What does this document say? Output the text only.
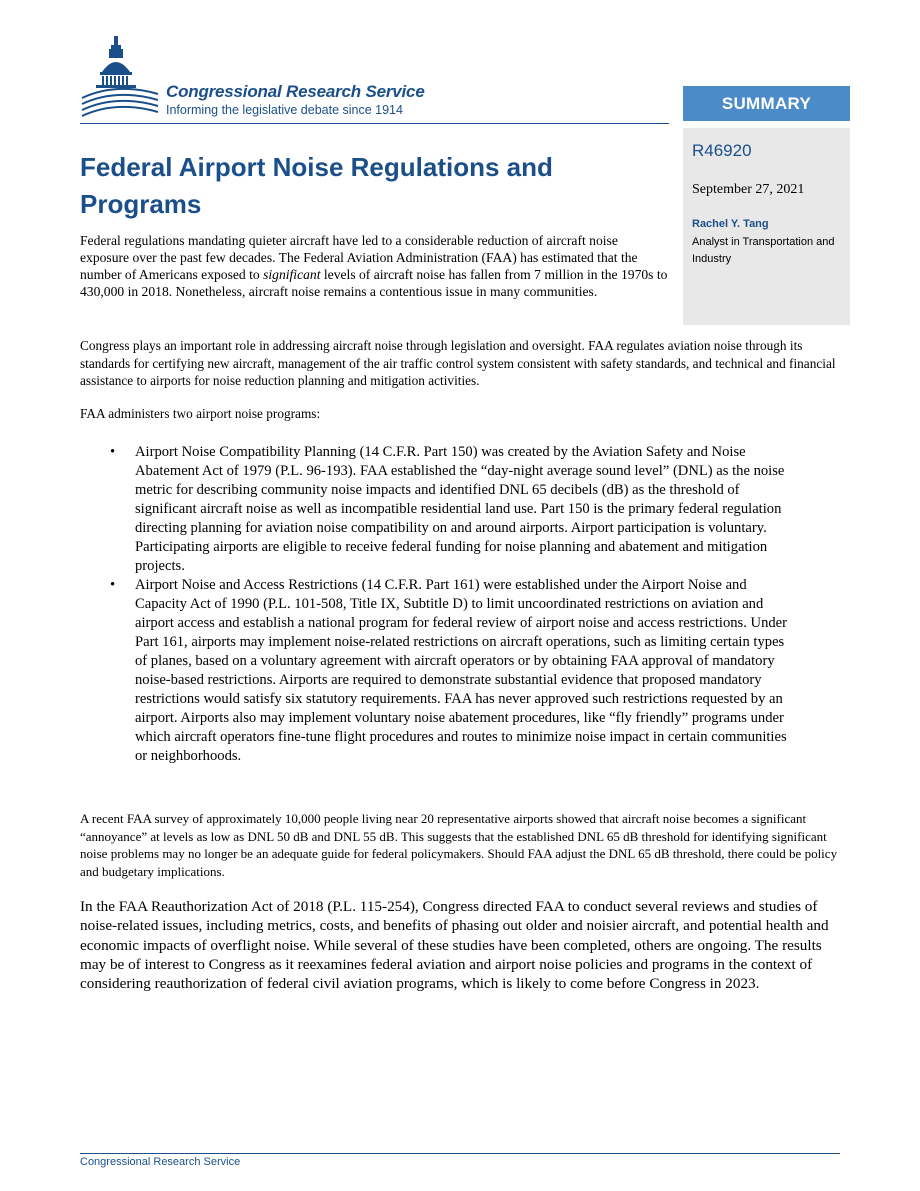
Congressional Research Service
Informing the legislative debate since 1914	SUMMARY
R46920
September 27, 2021
Rachel Y. Tang
Analyst in Transportation and Industry
Federal Airport Noise Regulations and Programs
Federal regulations mandating quieter aircraft have led to a considerable reduction of aircraft noise exposure over the past few decades. The Federal Aviation Administration (FAA) has estimated that the number of Americans exposed to significant levels of aircraft noise has fallen from 7 million in the 1970s to 430,000 in 2018. Nonetheless, aircraft noise remains a contentious issue in many communities.
Congress plays an important role in addressing aircraft noise through legislation and oversight. FAA regulates aviation noise through its standards for certifying new aircraft, management of the air traffic control system consistent with safety standards, and technical and financial assistance to airports for noise reduction planning and mitigation activities.
FAA administers two airport noise programs:
• Airport Noise Compatibility Planning (14 C.F.R. Part 150) was created by the Aviation Safety and Noise Abatement Act of 1979 (P.L. 96-193). FAA established the “day-night average sound level” (DNL) as the noise metric for describing community noise impacts and identified DNL 65 decibels (dB) as the threshold of significant aircraft noise as well as incompatible residential land use. Part 150 is the primary federal regulation directing planning for aviation noise compatibility on and around airports. Airport participation is voluntary. Participating airports are eligible to receive federal funding for noise planning and abatement and mitigation projects.
• Airport Noise and Access Restrictions (14 C.F.R. Part 161) were established under the Airport Noise and Capacity Act of 1990 (P.L. 101-508, Title IX, Subtitle D) to limit uncoordinated restrictions on aviation and airport access and establish a national program for federal review of airport noise and access restrictions. Under Part 161, airports may implement noise-related restrictions on aircraft operations, such as limiting certain types of planes, based on a voluntary agreement with aircraft operators or by obtaining FAA approval of mandatory noise-based restrictions. Airports are required to demonstrate substantial evidence that proposed mandatory restrictions would satisfy six statutory requirements. FAA has never approved such restrictions requested by an airport. Airports also may implement voluntary noise abatement procedures, like “fly friendly” programs under which aircraft operators fine-tune flight procedures and routes to minimize noise impact in certain communities or neighborhoods.
A recent FAA survey of approximately 10,000 people living near 20 representative airports showed that aircraft noise becomes a significant “annoyance” at levels as low as DNL 50 dB and DNL 55 dB. This suggests that the established DNL 65 dB threshold for identifying significant noise problems may no longer be an adequate guide for federal policymakers. Should FAA adjust the DNL 65 dB threshold, there could be policy and budgetary implications.
In the FAA Reauthorization Act of 2018 (P.L. 115-254), Congress directed FAA to conduct several reviews and studies of noise-related issues, including metrics, costs, and benefits of phasing out older and noisier aircraft, and potential health and economic impacts of overflight noise. While several of these studies have been completed, others are ongoing. The results may be of interest to Congress as it reexamines federal aviation and airport noise policies and programs in the context of considering reauthorization of federal civil aviation programs, which is likely to come before Congress in 2023.
Congressional Research Service
